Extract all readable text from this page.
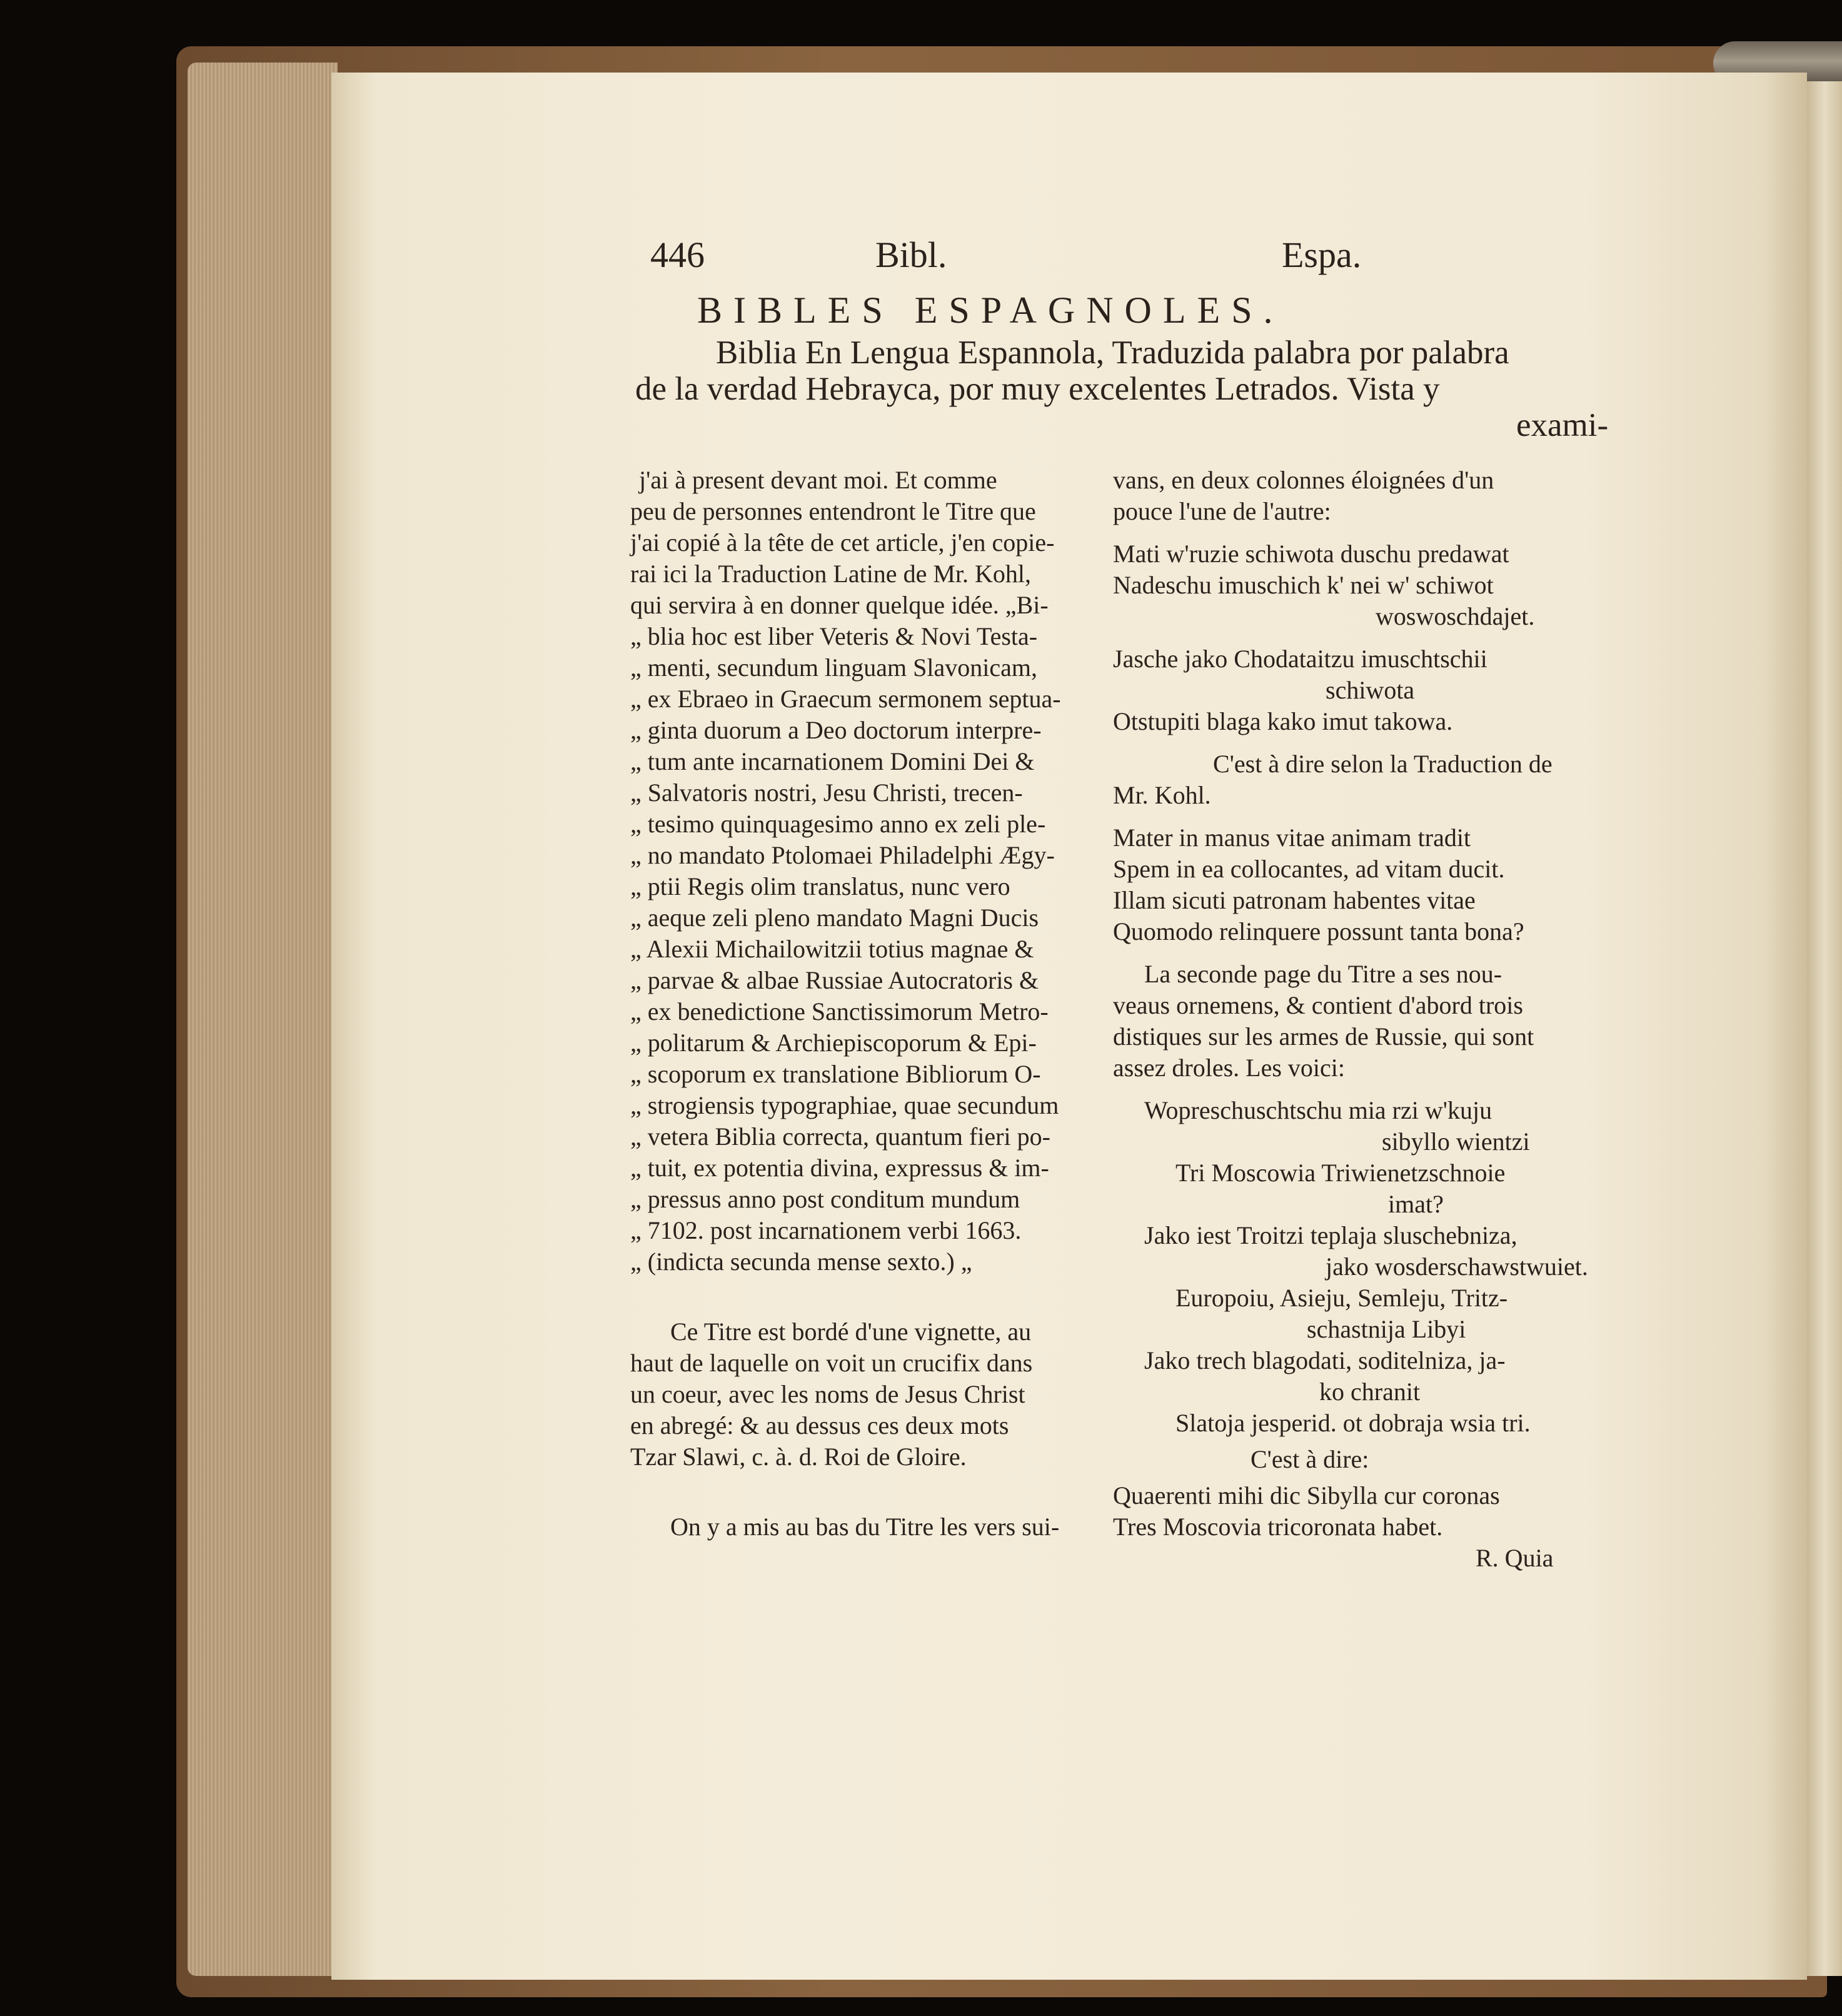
446	Bibl.	Espa.
BIBLES ESPAGNOLES.
Biblia En Lengua Espannola, Traduzida palabra por palabra
de la verdad Hebrayca, por muy excelentes Letrados. Vista y
exami-
j'ai à present devant moi. Et comme
peu de personnes entendront le Titre que
j'ai copié à la tête de cet article, j'en copie-
rai ici la Traduction Latine de Mr. Kohl,
qui servira à en donner quelque idée. „Bi-
„ blia hoc est liber Veteris & Novi Testa-
„ menti, secundum linguam Slavonicam,
„ ex Ebraeo in Graecum sermonem septua-
„ ginta duorum a Deo doctorum interpre-
„ tum ante incarnationem Domini Dei &
„ Salvatoris nostri, Jesu Christi, trecen-
„ tesimo quinquagesimo anno ex zeli ple-
„ no mandato Ptolomaei Philadelphi Ægy-
„ ptii Regis olim translatus, nunc vero
„ aeque zeli pleno mandato Magni Ducis
„ Alexii Michailowitzii totius magnae &
„ parvae & albae Russiae Autocratoris &
„ ex benedictione Sanctissimorum Metro-
„ politarum & Archiepiscoporum & Epi-
„ scoporum ex translatione Bibliorum O-
„ strogiensis typographiae, quae secundum
„ vetera Biblia correcta, quantum fieri po-
„ tuit, ex potentia divina, expressus & im-
„ pressus anno post conditum mundum
„ 7102. post incarnationem verbi 1663.
„ (indicta secunda mense sexto.) „
Ce Titre est bordé d'une vignette, au
haut de laquelle on voit un crucifix dans
un coeur, avec les noms de Jesus Christ
en abregé: & au dessus ces deux mots
Tzar Slawi, c. à. d. Roi de Gloire.
On y a mis au bas du Titre les vers sui-
vans, en deux colonnes éloignées d'un
pouce l'une de l'autre:
Mati w'ruzie schiwota duschu predawat
Nadeschu imuschich k' nei w' schiwot
woswoschdajet.
Jasche jako Chodataitzu imuschtschii
schiwota
Otstupiti blaga kako imut takowa.
C'est à dire selon la Traduction de
Mr. Kohl.
Mater in manus vitae animam tradit
Spem in ea collocantes, ad vitam ducit.
Illam sicuti patronam habentes vitae
Quomodo relinquere possunt tanta bona?
La seconde page du Titre a ses nou-
veaus ornemens, & contient d'abord trois
distiques sur les armes de Russie, qui sont
assez droles. Les voici:
Wopreschuschtschu mia rzi w'kuju
sibyllo wientzi
Tri Moscowia Triwienetzschnoie
imat?
Jako iest Troitzi teplaja sluschebniza,
jako wosderschawstwuiet.
Europoiu, Asieju, Semleju, Tritz-
schastnija Libyi
Jako trech blagodati, soditelniza, ja-
ko chranit
Slatoja jesperid. ot dobraja wsia tri.
C'est à dire:
Quaerenti mihi dic Sibylla cur coronas
Tres Moscovia tricoronata habet.
R. Quia
